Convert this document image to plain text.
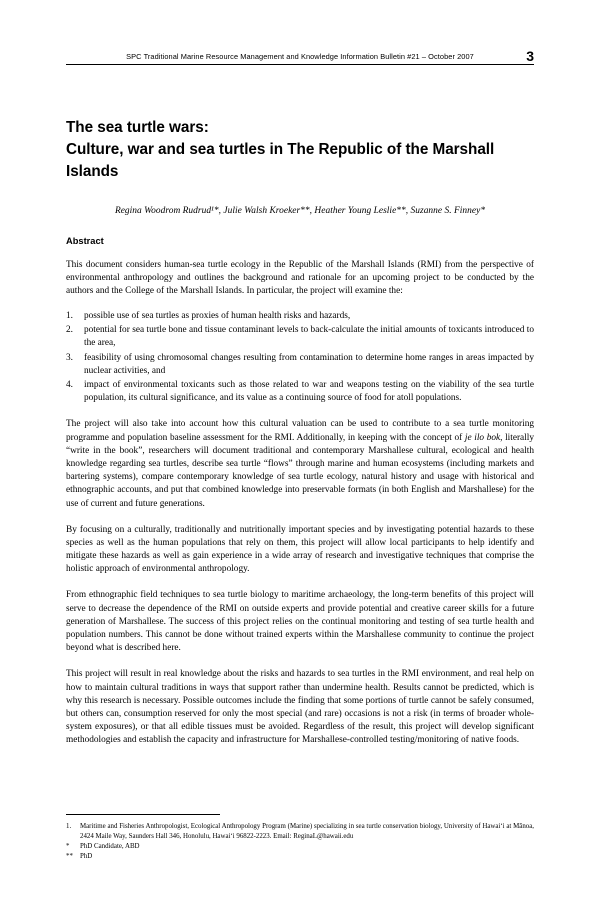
SPC Traditional Marine Resource Management and Knowledge Information Bulletin #21 – October 2007	3
The sea turtle wars:
Culture, war and sea turtles in The Republic of the Marshall Islands
Regina Woodrom Rudrud¹*, Julie Walsh Kroeker**, Heather Young Leslie**, Suzanne S. Finney*
Abstract

This document considers human-sea turtle ecology in the Republic of the Marshall Islands (RMI) from the perspective of environmental anthropology and outlines the background and rationale for an upcoming project to be conducted by the authors and the College of the Marshall Islands. In particular, the project will examine the:

possible use of sea turtles as proxies of human health risks and hazards,
potential for sea turtle bone and tissue contaminant levels to back-calculate the initial amounts of toxicants introduced to the area,
feasibility of using chromosomal changes resulting from contamination to determine home ranges in areas impacted by nuclear activities, and
impact of environmental toxicants such as those related to war and weapons testing on the viability of the sea turtle population, its cultural significance, and its value as a continuing source of food for atoll populations.

The project will also take into account how this cultural valuation can be used to contribute to a sea turtle monitoring programme and population baseline assessment for the RMI. Additionally, in keeping with the concept of je ilo bok, literally “write in the book”, researchers will document traditional and contemporary Marshallese cultural, ecological and health knowledge regarding sea turtles, describe sea turtle “flows” through marine and human ecosystems (including markets and bartering systems), compare contemporary knowledge of sea turtle ecology, natural history and usage with historical and ethnographic accounts, and put that combined knowledge into preservable formats (in both English and Marshallese) for the use of current and future generations.

By focusing on a culturally, traditionally and nutritionally important species and by investigating potential hazards to these species as well as the human populations that rely on them, this project will allow local participants to help identify and mitigate these hazards as well as gain experience in a wide array of research and investigative techniques that comprise the holistic approach of environmental anthropology.

From ethnographic field techniques to sea turtle biology to maritime archaeology, the long-term benefits of this project will serve to decrease the dependence of the RMI on outside experts and provide potential and creative career skills for a future generation of Marshallese. The success of this project relies on the continual monitoring and testing of sea turtle health and population numbers. This cannot be done without trained experts within the Marshallese community to continue the project beyond what is described here.

This project will result in real knowledge about the risks and hazards to sea turtles in the RMI environment, and real help on how to maintain cultural traditions in ways that support rather than undermine health. Results cannot be predicted, which is why this research is necessary. Possible outcomes include the finding that some portions of turtle cannot be safely consumed, but others can, consumption reserved for only the most special (and rare) occasions is not a risk (in terms of broader whole-system exposures), or that all edible tissues must be avoided. Regardless of the result, this project will develop significant methodologies and establish the capacity and infrastructure for Marshallese-controlled testing/monitoring of native foods.

1. Maritime and Fisheries Anthropologist, Ecological Anthropology Program (Marine) specializing in sea turtle conservation biology, University of Hawai‘i at Mānoa, 2424 Maile Way, Saunders Hall 346, Honolulu, Hawai‘i 96822-2223. Email: ReginaL@hawaii.edu
* PhD Candidate, ABD
** PhD
